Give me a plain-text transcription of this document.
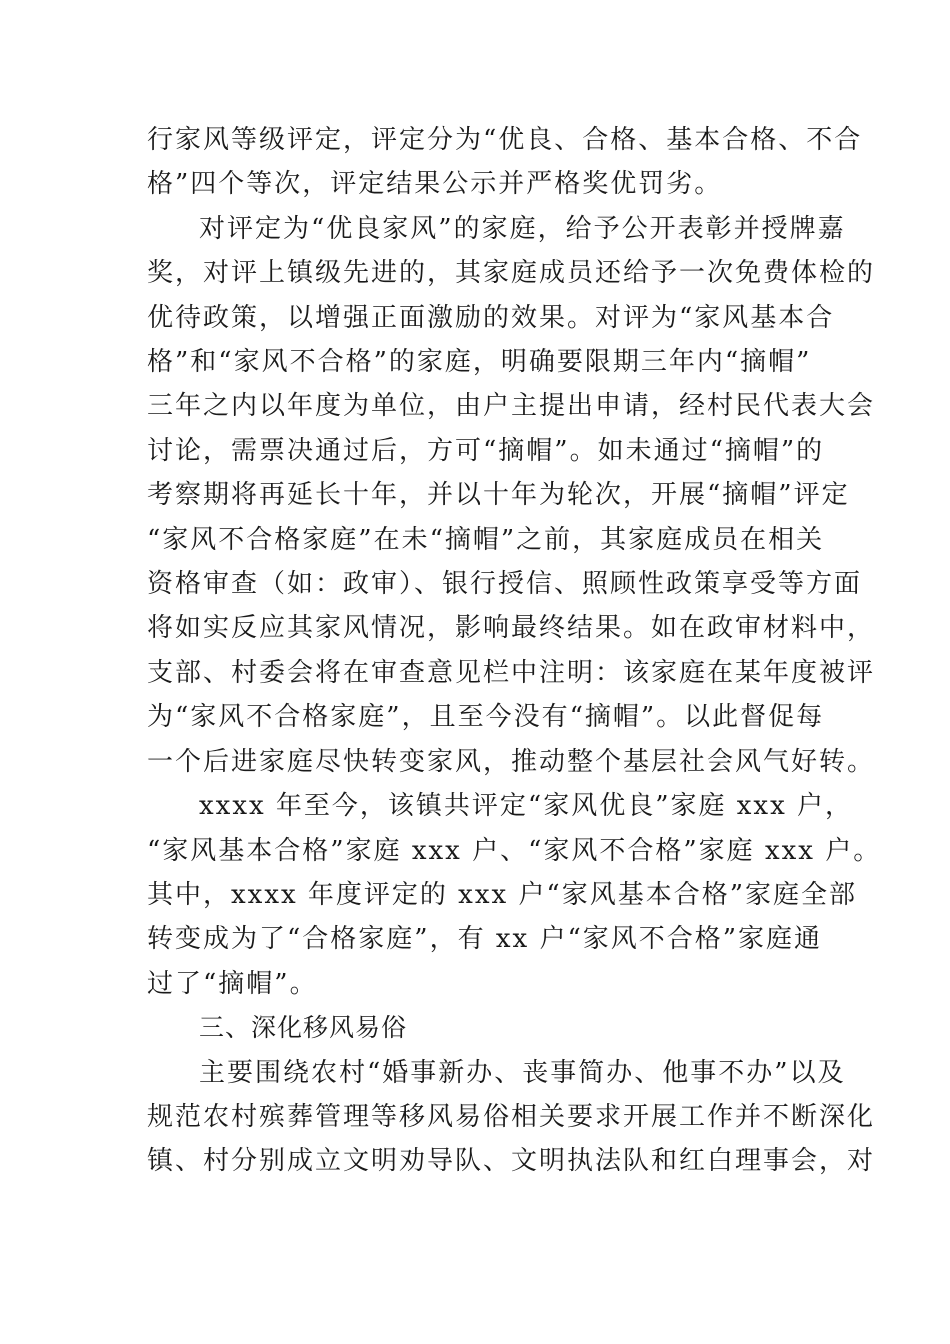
行家风等级评定，评定分为“优良、合格、基本合格、不合
格”四个等次，评定结果公示并严格奖优罚劣。

对评定为“优良家风”的家庭，给予公开表彰并授牌嘉
奖，对评上镇级先进的，其家庭成员还给予一次免费体检的
优待政策，以增强正面激励的效果。对评为“家风基本合
格”和“家风不合格”的家庭，明确要限期三年内“摘帽”
三年之内以年度为单位，由户主提出申请，经村民代表大会
讨论，需票决通过后，方可“摘帽”。如未通过“摘帽”的
考察期将再延长十年，并以十年为轮次，开展“摘帽”评定
“家风不合格家庭”在未“摘帽”之前，其家庭成员在相关
资格审查（如：政审）、银行授信、照顾性政策享受等方面
将如实反应其家风情况，影响最终结果。如在政审材料中，
支部、村委会将在审查意见栏中注明：该家庭在某年度被评
为“家风不合格家庭”，且至今没有“摘帽”。以此督促每
一个后进家庭尽快转变家风，推动整个基层社会风气好转。

xxxx 年至今，该镇共评定“家风优良”家庭 xxx 户，
“家风基本合格”家庭 xxx 户、“家风不合格”家庭 xxx 户。
其中，xxxx 年度评定的 xxx 户“家风基本合格”家庭全部
转变成为了“合格家庭”，有 xx 户“家风不合格”家庭通
过了“摘帽”。

三、深化移风易俗

主要围绕农村“婚事新办、丧事简办、他事不办”以及
规范农村殡葬管理等移风易俗相关要求开展工作并不断深化
镇、村分别成立文明劝导队、文明执法队和红白理事会，对
